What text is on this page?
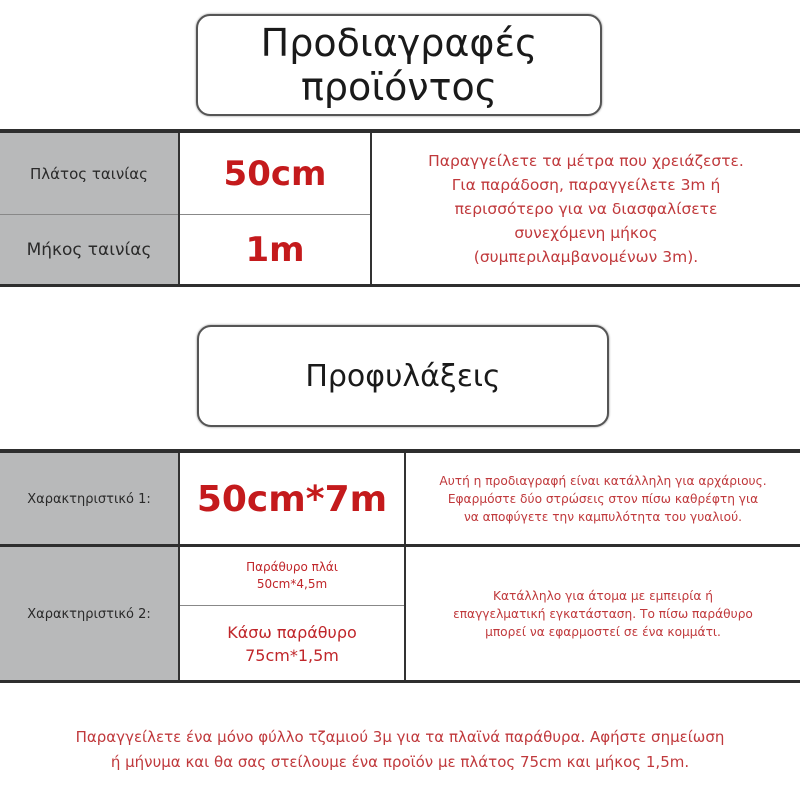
Προδιαγραφές
προϊόντος
Πλάτος ταινίας
Μήκος ταινίας
50cm
1m
Παραγγείλετε τα μέτρα που χρειάζεστε.
Για παράδοση, παραγγείλετε 3m ή
περισσότερο για να διασφαλίσετε
συνεχόμενη μήκος
(συμπεριλαμβανομένων 3m).
Προφυλάξεις
Χαρακτηριστικό 1:	50cm*7m	Αυτή η προδιαγραφή είναι κατάλληλη για αρχάριους.
Εφαρμόστε δύο στρώσεις στον πίσω καθρέφτη για
να αποφύγετε την καμπυλότητα του γυαλιού.
Χαρακτηριστικό 2:
Παράθυρο πλάι
50cm*4,5m
Κάσω παράθυρο
75cm*1,5m
Κατάλληλο για άτομα με εμπειρία ή
επαγγελματική εγκατάσταση. Το πίσω παράθυρο
μπορεί να εφαρμοστεί σε ένα κομμάτι.
Παραγγείλετε ένα μόνο φύλλο τζαμιού 3μ για τα πλαϊνά παράθυρα. Αφήστε σημείωση
ή μήνυμα και θα σας στείλουμε ένα προϊόν με πλάτος 75cm και μήκος 1,5m.
